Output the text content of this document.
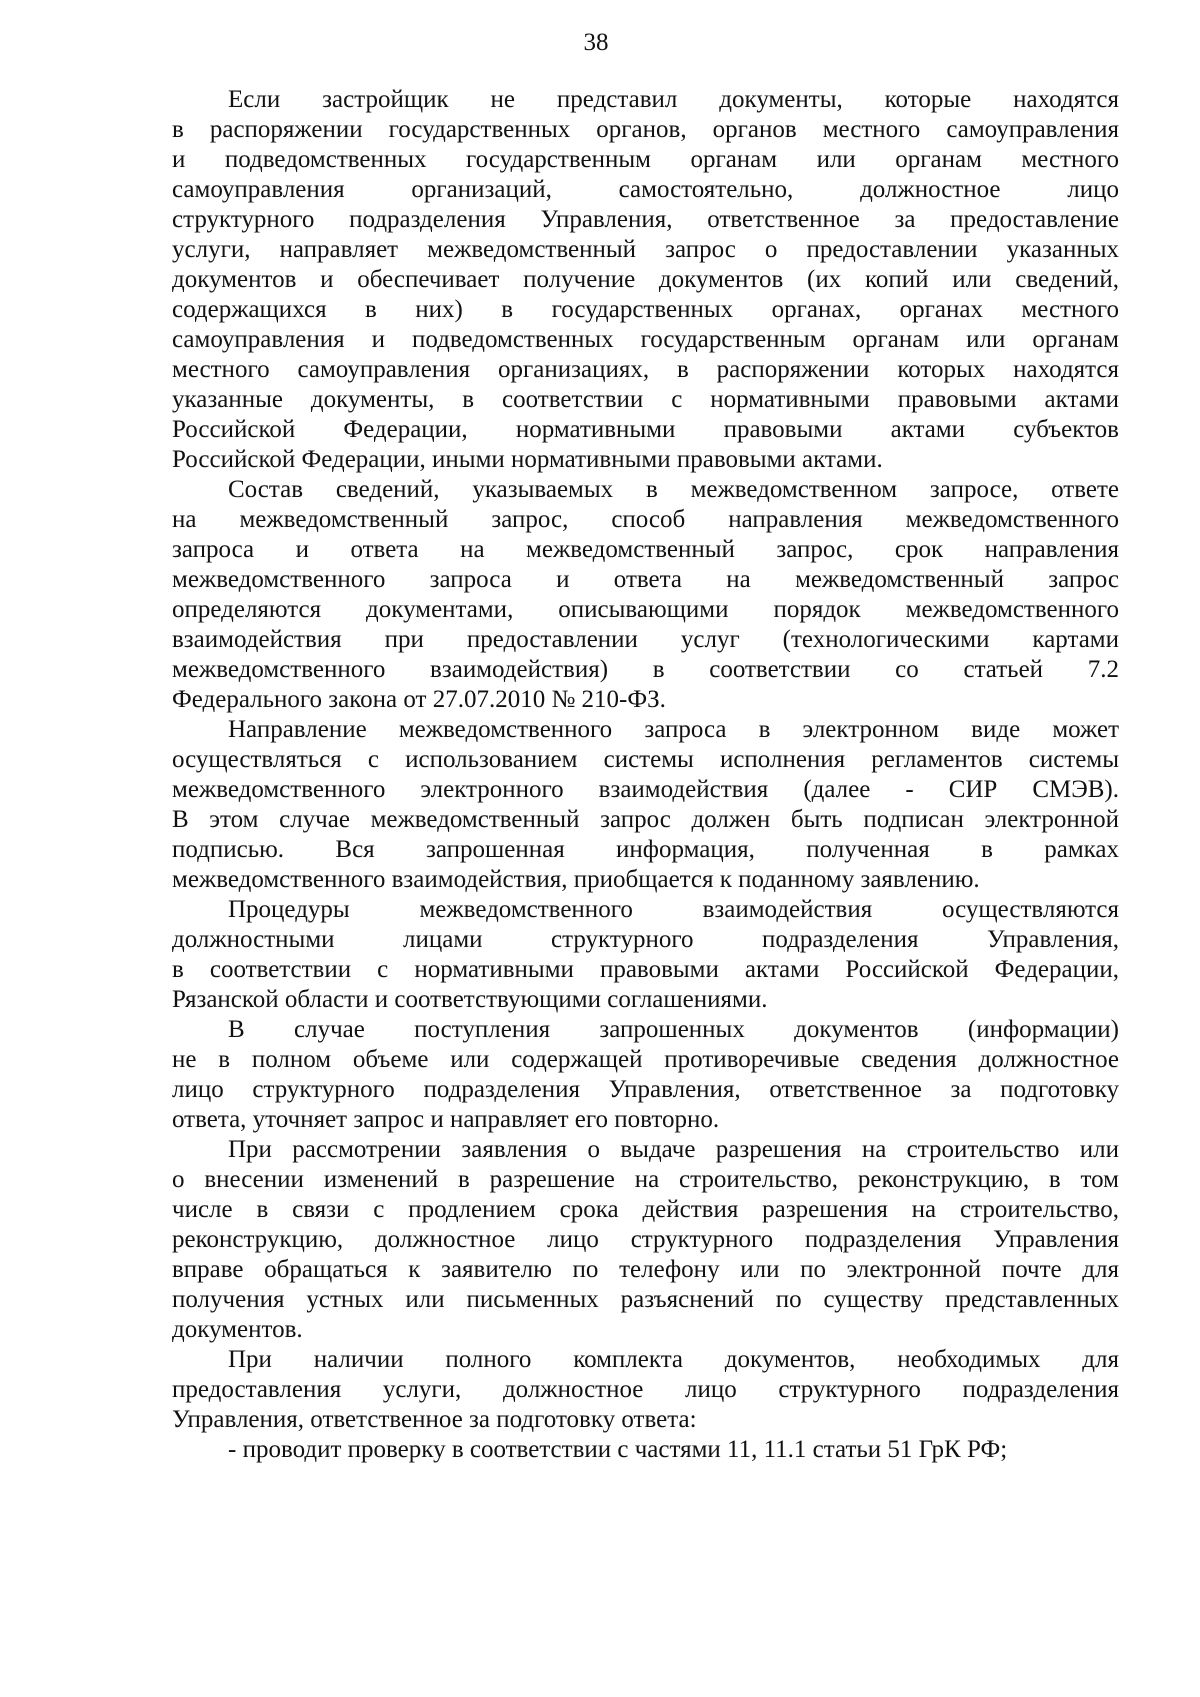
38
Если застройщик не представил документы, которые находятся
в распоряжении государственных органов, органов местного самоуправления
и подведомственных государственным органам или органам местного
самоуправления организаций, самостоятельно, должностное лицо
структурного подразделения Управления, ответственное за предоставление
услуги, направляет межведомственный запрос о предоставлении указанных
документов и обеспечивает получение документов (их копий или сведений,
содержащихся в них) в государственных органах, органах местного
самоуправления и подведомственных государственным органам или органам
местного самоуправления организациях, в распоряжении которых находятся
указанные документы, в соответствии с нормативными правовыми актами
Российской Федерации, нормативными правовыми актами субъектов
Российской Федерации, иными нормативными правовыми актами.
Состав сведений, указываемых в межведомственном запросе, ответе
на межведомственный запрос, способ направления межведомственного
запроса и ответа на межведомственный запрос, срок направления
межведомственного запроса и ответа на межведомственный запрос
определяются документами, описывающими порядок межведомственного
взаимодействия при предоставлении услуг (технологическими картами
межведомственного взаимодействия) в соответствии со статьей 7.2
Федерального закона от 27.07.2010 № 210-ФЗ.
Направление межведомственного запроса в электронном виде может
осуществляться с использованием системы исполнения регламентов системы
межведомственного электронного взаимодействия (далее - СИР СМЭВ).
В этом случае межведомственный запрос должен быть подписан электронной
подписью. Вся запрошенная информация, полученная в рамках
межведомственного взаимодействия, приобщается к поданному заявлению.
Процедуры межведомственного взаимодействия осуществляются
должностными лицами структурного подразделения Управления,
в соответствии с нормативными правовыми актами Российской Федерации,
Рязанской области и соответствующими соглашениями.
В случае поступления запрошенных документов (информации)
не в полном объеме или содержащей противоречивые сведения должностное
лицо структурного подразделения Управления, ответственное за подготовку
ответа, уточняет запрос и направляет его повторно.
При рассмотрении заявления о выдаче разрешения на строительство или
о внесении изменений в разрешение на строительство, реконструкцию, в том
числе в связи с продлением срока действия разрешения на строительство,
реконструкцию, должностное лицо структурного подразделения Управления
вправе обращаться к заявителю по телефону или по электронной почте для
получения устных или письменных разъяснений по существу представленных
документов.
При наличии полного комплекта документов, необходимых для
предоставления услуги, должностное лицо структурного подразделения
Управления, ответственное за подготовку ответа:
- проводит проверку в соответствии с частями 11, 11.1 статьи 51 ГрК РФ;
